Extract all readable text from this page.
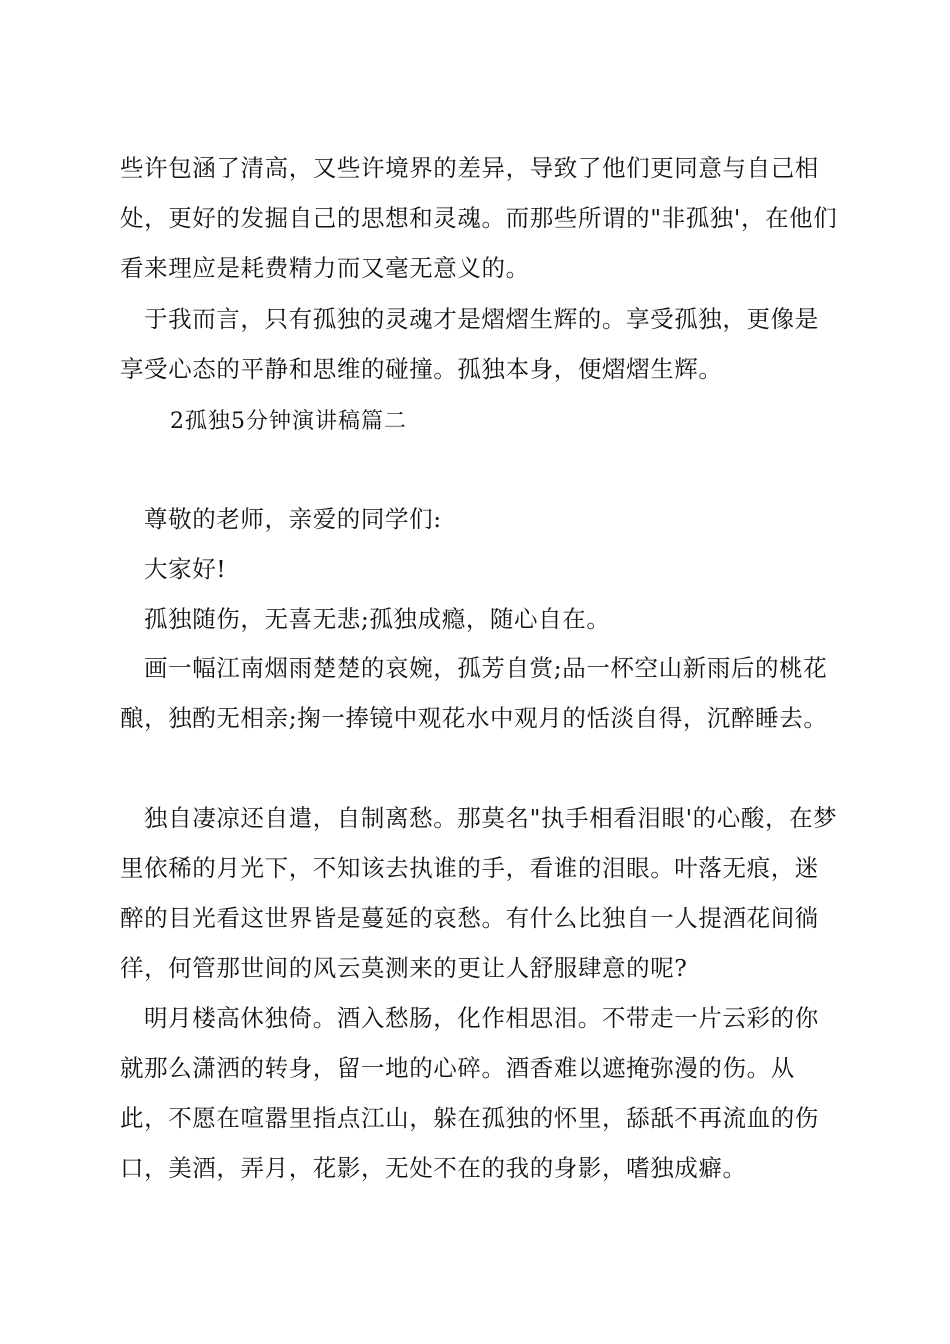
些许包涵了清高，又些许境界的差异，导致了他们更同意与自己相处，更好的发掘自己的思想和灵魂。而那些所谓的"非孤独'，在他们看来理应是耗费精力而又毫无意义的。

于我而言，只有孤独的灵魂才是熠熠生辉的。享受孤独，更像是享受心态的平静和思维的碰撞。孤独本身，便熠熠生辉。

2孤独5分钟演讲稿篇二

尊敬的老师，亲爱的同学们:

大家好!

孤独随伤，无喜无悲;孤独成瘾，随心自在。

画一幅江南烟雨楚楚的哀婉，孤芳自赏;品一杯空山新雨后的桃花酿，独酌无相亲;掬一捧镜中观花水中观月的恬淡自得，沉醉睡去。

独自凄凉还自遣，自制离愁。那莫名"执手相看泪眼'的心酸，在梦里依稀的月光下，不知该去执谁的手，看谁的泪眼。叶落无痕，迷醉的目光看这世界皆是蔓延的哀愁。有什么比独自一人提酒花间徜徉，何管那世间的风云莫测来的更让人舒服肆意的呢?

明月楼高休独倚。酒入愁肠，化作相思泪。不带走一片云彩的你就那么潇洒的转身，留一地的心碎。酒香难以遮掩弥漫的伤。从此，不愿在喧嚣里指点江山，躲在孤独的怀里，舔舐不再流血的伤口，美酒，弄月，花影，无处不在的我的身影，嗜独成癖。
